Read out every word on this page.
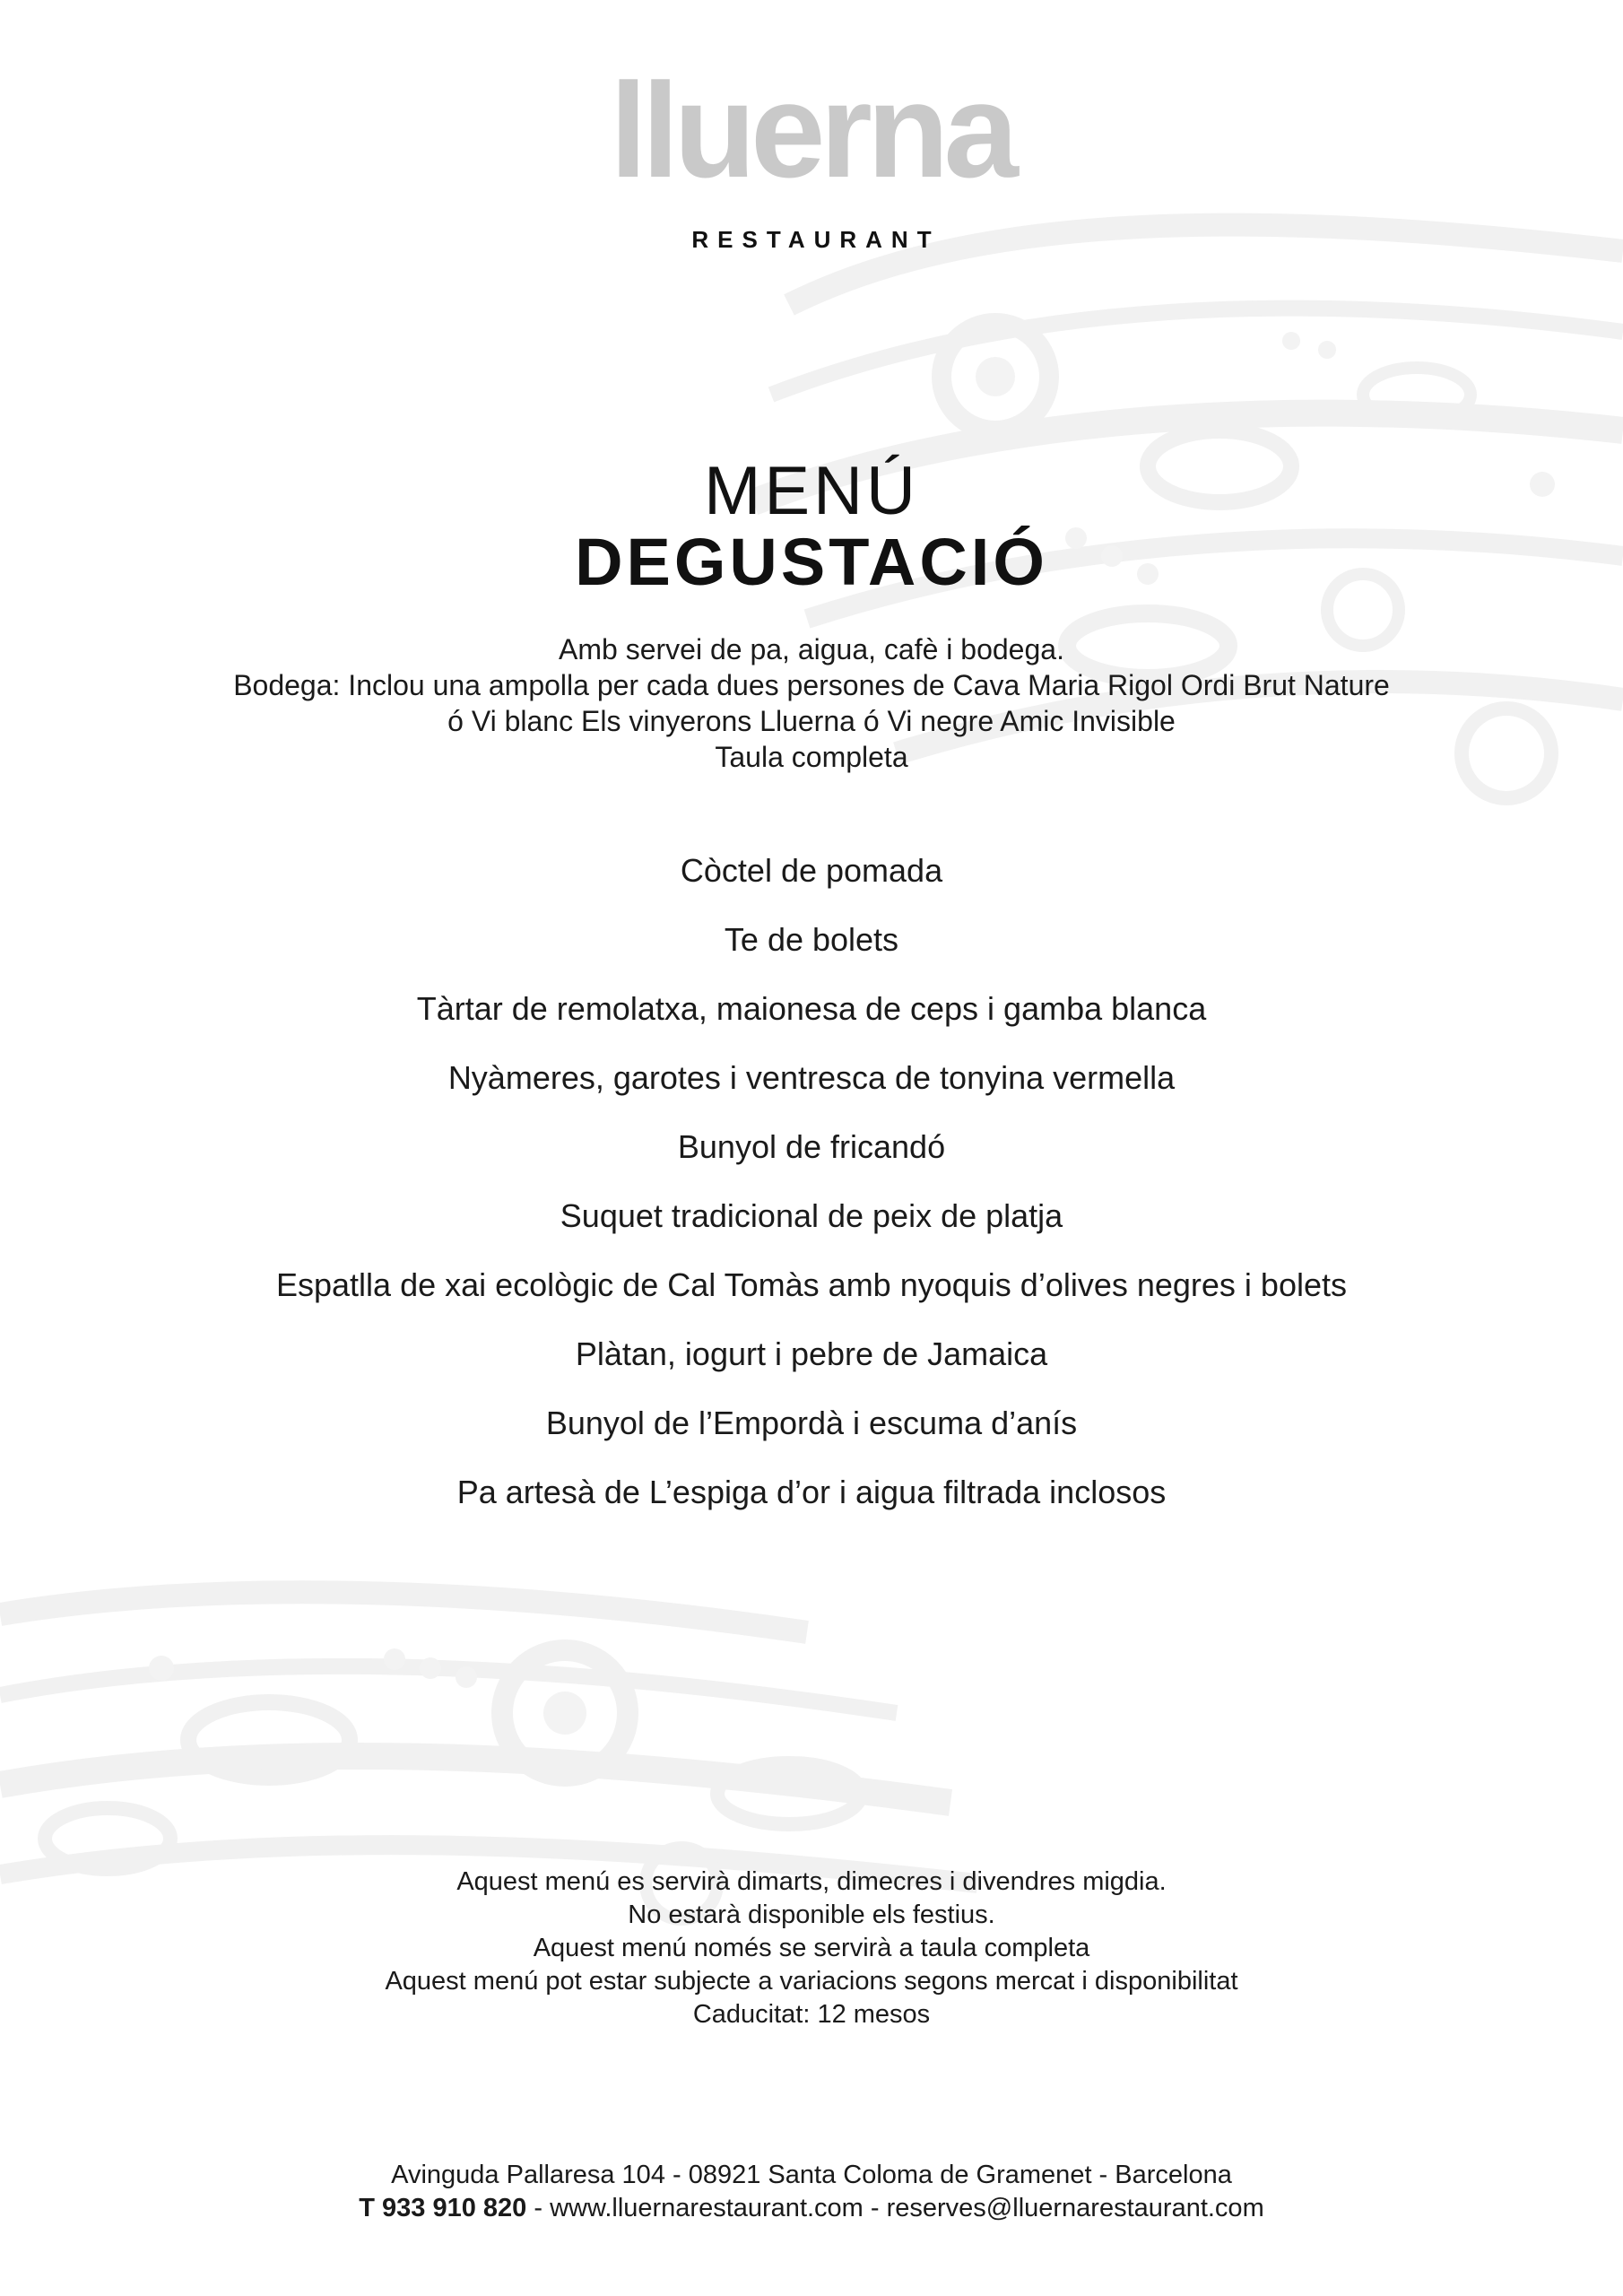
lluerna
RESTAURANT
MENÚ
DEGUSTACIÓ
Amb servei de pa, aigua, cafè i bodega.
Bodega: Inclou una ampolla per cada dues persones de Cava Maria Rigol Ordi Brut Nature
ó Vi blanc Els vinyerons Lluerna ó Vi negre Amic Invisible
Taula completa
Còctel de pomada
Te de bolets
Tàrtar de remolatxa, maionesa de ceps i gamba blanca
Nyàmeres, garotes i ventresca de tonyina vermella
Bunyol de fricandó
Suquet tradicional de peix de platja
Espatlla de xai ecològic de Cal Tomàs amb nyoquis d’olives negres i bolets
Plàtan, iogurt i pebre de Jamaica
Bunyol de l’Empordà i escuma d’anís
Pa artesà de L’espiga d’or i aigua filtrada inclosos
Aquest menú es servirà dimarts, dimecres i divendres migdia.
No estarà disponible els festius.
Aquest menú només se servirà a taula completa
Aquest menú pot estar subjecte a variacions segons mercat i disponibilitat
Caducitat: 12 mesos
Avinguda Pallaresa 104 - 08921 Santa Coloma de Gramenet - Barcelona
T 933 910 820 - www.lluernarestaurant.com - reserves@lluernarestaurant.com
